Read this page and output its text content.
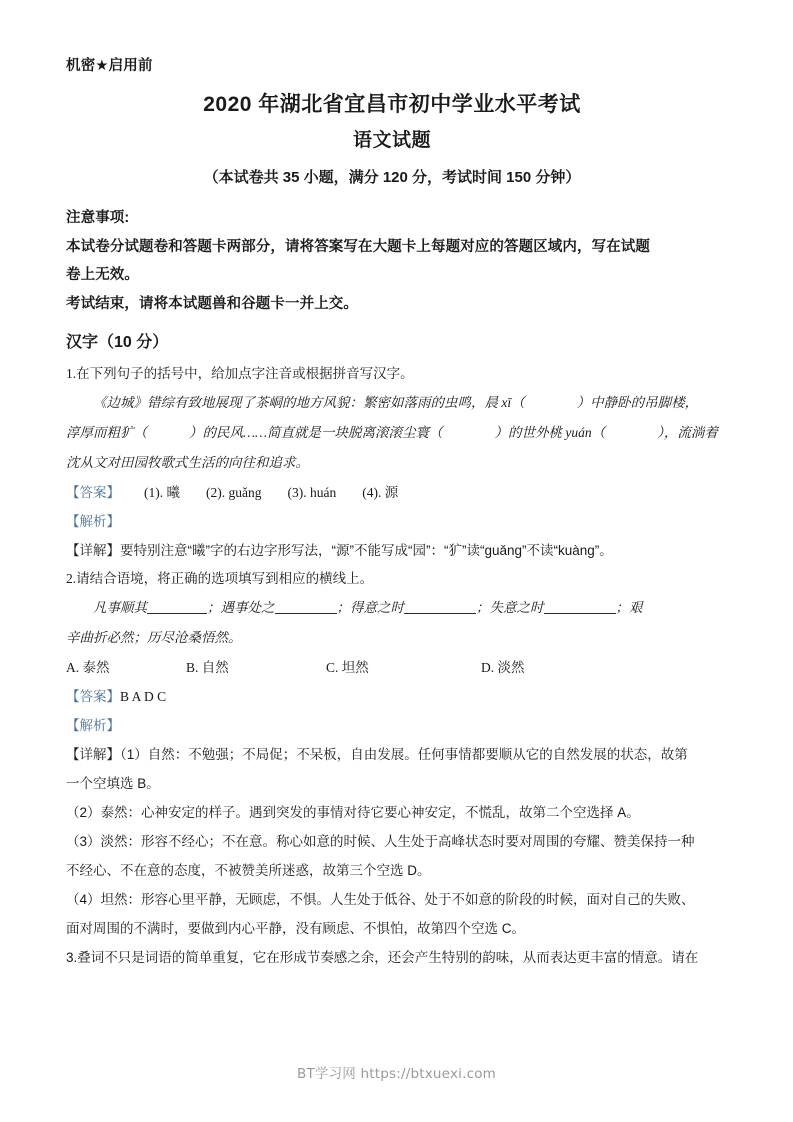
机密★启用前
2020 年湖北省宜昌市初中学业水平考试
语文试题
（本试卷共 35 小题，满分 120 分，考试时间 150 分钟）

注意事项:

本试卷分试题卷和答题卡两部分，请将答案写在大题卡上每题对应的答题区域内，写在试题

卷上无效。

考试结束，请将本试题兽和谷题卡一并上交。

汉字（10 分）

1.在下列句子的括号中，给加点字注音或根据拼音写汉字。

《边城》错综有致地展现了茶峒的地方风貌：繁密如落雨的虫鸣，晨 xī（	）中静卧的吊脚楼，

淳厚而粗犷（	）的民风……简直就是一块脱离滚滚尘寰（	）的世外桃 yuán（	），流淌着

沈从文对田园牧歌式生活的向往和追求。

【答案】 (1). 曦 (2). guǎng (3). huán (4). 源

【解析】

【详解】要特别注意“曦”字的右边字形写法，“源”不能写成“园”：“犷”读“guǎng”不读“kuàng”。

2.请结合语境，将正确的选项填写到相应的横线上。

凡事顺其	；遇事处之	；得意之时	；失意之时	；艰

辛曲折必然；历尽沧桑悟然。

A. 泰然	B. 自然	C. 坦然	D. 淡然

【答案】B A D C

【解析】

【详解】（1）自然：不勉强；不局促；不呆板，自由发展。任何事情都要顺从它的自然发展的状态，故第

一个空填选 B。

（2）泰然：心神安定的样子。遇到突发的事情对待它要心神安定，不慌乱，故第二个空选择 A。

（3）淡然：形容不经心；不在意。称心如意的时候、人生处于高峰状态时要对周围的夸耀、赞美保持一种

不经心、不在意的态度，不被赞美所迷惑，故第三个空选 D。

（4）坦然：形容心里平静，无顾虑，不惧。人生处于低谷、处于不如意的阶段的时候，面对自己的失败、

面对周围的不满时，要做到内心平静，没有顾虑、不惧怕，故第四个空选 C。

3.叠词不只是词语的简单重复，它在形成节奏感之余，还会产生特别的韵味，从而表达更丰富的情意。请在

BT学习网 https://btxuexi.com
